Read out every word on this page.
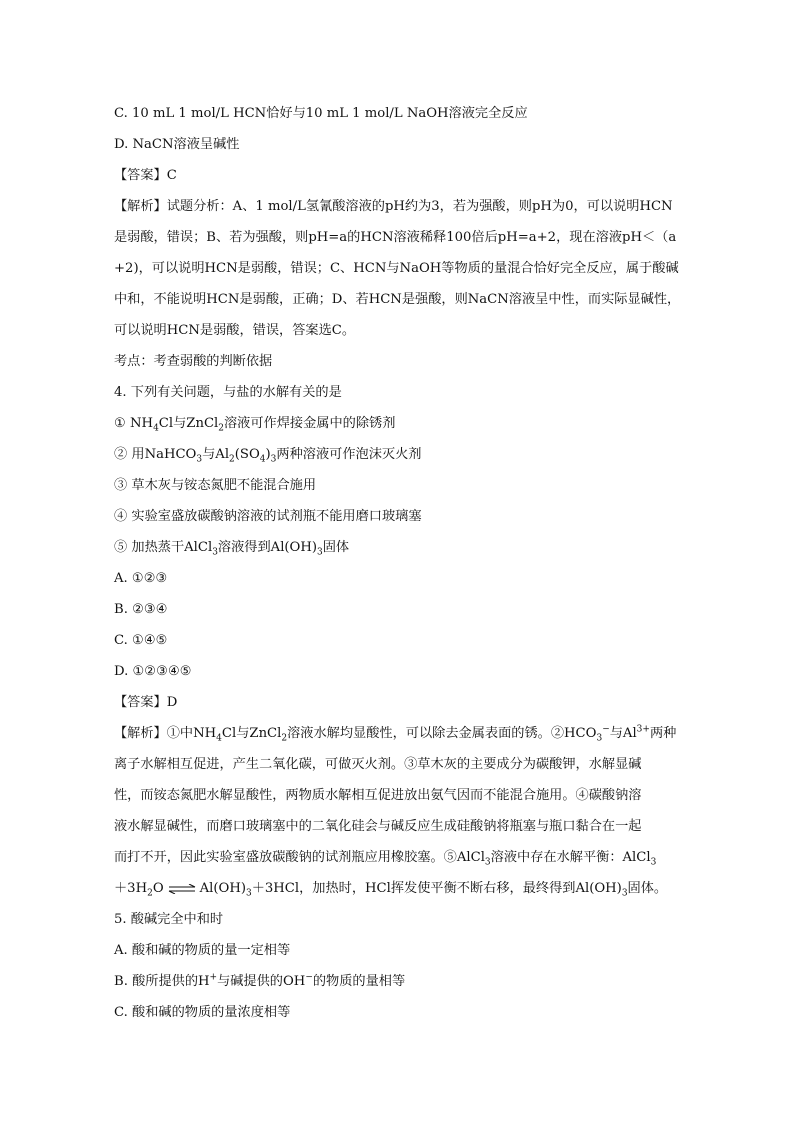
C. 10 mL 1 mol/L HCN恰好与10 mL 1 mol/L NaOH溶液完全反应
D. NaCN溶液呈碱性
【答案】C
【解析】试题分析：A、1 mol/L氢氰酸溶液的pH约为3，若为强酸，则pH为0，可以说明HCN
是弱酸，错误；B、若为强酸，则pH=a的HCN溶液稀释100倍后pH=a+2，现在溶液pH＜（a
+2)，可以说明HCN是弱酸，错误；C、HCN与NaOH等物质的量混合恰好完全反应，属于酸碱
中和，不能说明HCN是弱酸，正确；D、若HCN是强酸，则NaCN溶液呈中性，而实际显碱性，
可以说明HCN是弱酸，错误，答案选C。
考点：考查弱酸的判断依据
4. 下列有关问题，与盐的水解有关的是
① $NH_4Cl$与ZnCl$_2$溶液可作焊接金属中的除锈剂
② 用NaHCO$_3$与$Al_2(SO_4)_3$两种溶液可作泡沫灭火剂
③ 草木灰与铵态氮肥不能混合施用
④ 实验室盛放碳酸钠溶液的试剂瓶不能用磨口玻璃塞
⑤ 加热蒸干AlCl$_3$溶液得到$Al(OH)_3$固体
A. ①②③
B. ②③④
C. ①④⑤
D. ①②③④⑤
【答案】D
【解析】①中$NH_4Cl$与ZnCl$_2$溶液水解均显酸性，可以除去金属表面的锈。$②HCO_3^-$与$Al^{3+}$两种
离子水解相互促进，产生二氧化碳，可做灭火剂。③草木灰的主要成分为碳酸钾，水解显碱
性，而铵态氮肥水解显酸性，两物质水解相互促进放出氨气因而不能混合施用。④碳酸钠溶
液水解显碱性，而磨口玻璃塞中的二氧化硅会与碱反应生成硅酸钠将瓶塞与瓶口黏合在一起
而打不开，因此实验室盛放碳酸钠的试剂瓶应用橡胶塞。⑤AlCl$_3$溶液中存在水解平衡：AlCl$_3$
$+3H_2O$ ⇌ $Al(OH)_3+3HCl$，加热时，HCl挥发使平衡不断右移，最终得到$Al(OH)_3$固体。
5. 酸碱完全中和时
A. 酸和碱的物质的量一定相等
B. 酸所提供的H+与碱提供的OH−的物质的量相等
C. 酸和碱的物质的量浓度相等
